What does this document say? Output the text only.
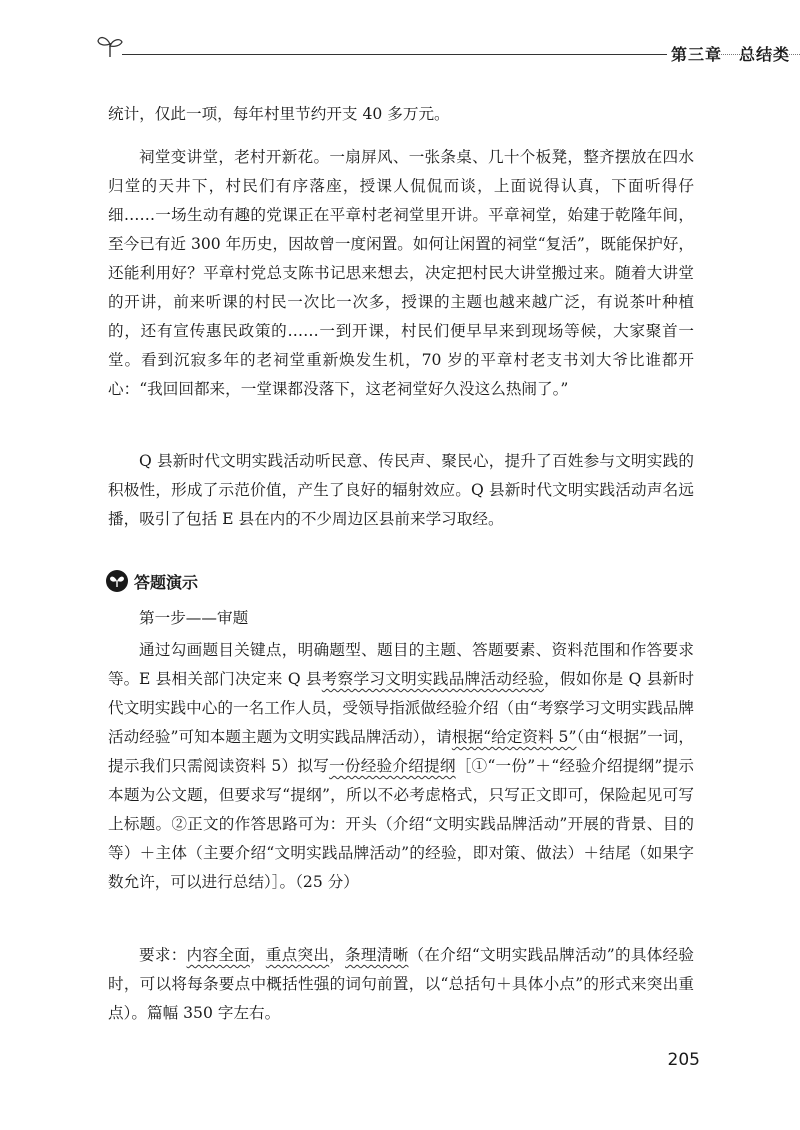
第三章　总结类

统计，仅此一项，每年村里节约开支 40 多万元。

祠堂变讲堂，老村开新花。一扇屏风、一张条桌、几十个板凳，整齐摆放在四水归堂的天井下，村民们有序落座，授课人侃侃而谈，上面说得认真，下面听得仔细……一场生动有趣的党课正在平章村老祠堂里开讲。平章祠堂，始建于乾隆年间，至今已有近 300 年历史，因故曾一度闲置。如何让闲置的祠堂“复活”，既能保护好，还能利用好？平章村党总支陈书记思来想去，决定把村民大讲堂搬过来。随着大讲堂的开讲，前来听课的村民一次比一次多，授课的主题也越来越广泛，有说茶叶种植的，还有宣传惠民政策的……一到开课，村民们便早早来到现场等候，大家聚首一堂。看到沉寂多年的老祠堂重新焕发生机，70 岁的平章村老支书刘大爷比谁都开心：“我回回都来，一堂课都没落下，这老祠堂好久没这么热闹了。”

Q 县新时代文明实践活动听民意、传民声、聚民心，提升了百姓参与文明实践的积极性，形成了示范价值，产生了良好的辐射效应。Q 县新时代文明实践活动声名远播，吸引了包括 E 县在内的不少周边区县前来学习取经。

答题演示
第一步——审题

通过勾画题目关键点，明确题型、题目的主题、答题要素、资料范围和作答要求等。 E 县相关部门决定来 Q 县考察学习文明实践品牌活动经验，假如你是 Q 县新时代文明实践中心的一名工作人员，受领导指派做经验介绍（由“考察学习文明实践品牌活动经验”可知本题主题为文明实践品牌活动），请根据“给定资料 5”（由“根据”一词，提示我们只需阅读资料 5）拟写一份经验介绍提纲［①“一份”＋“经验介绍提纲”提示本题为公文题，但要求写“提纲”，所以不必考虑格式，只写正文即可，保险起见可写上标题。②正文的作答思路可为：开头（介绍“文明实践品牌活动”开展的背景、目的等）＋主体（主要介绍“文明实践品牌活动”的经验，即对策、做法）＋结尾（如果字数允许，可以进行总结）］。（25 分）

要求：内容全面，重点突出，条理清晰（在介绍“文明实践品牌活动”的具体经验时，可以将每条要点中概括性强的词句前置，以“总括句＋具体小点”的形式来突出重点）。篇幅 350 字左右。

205
